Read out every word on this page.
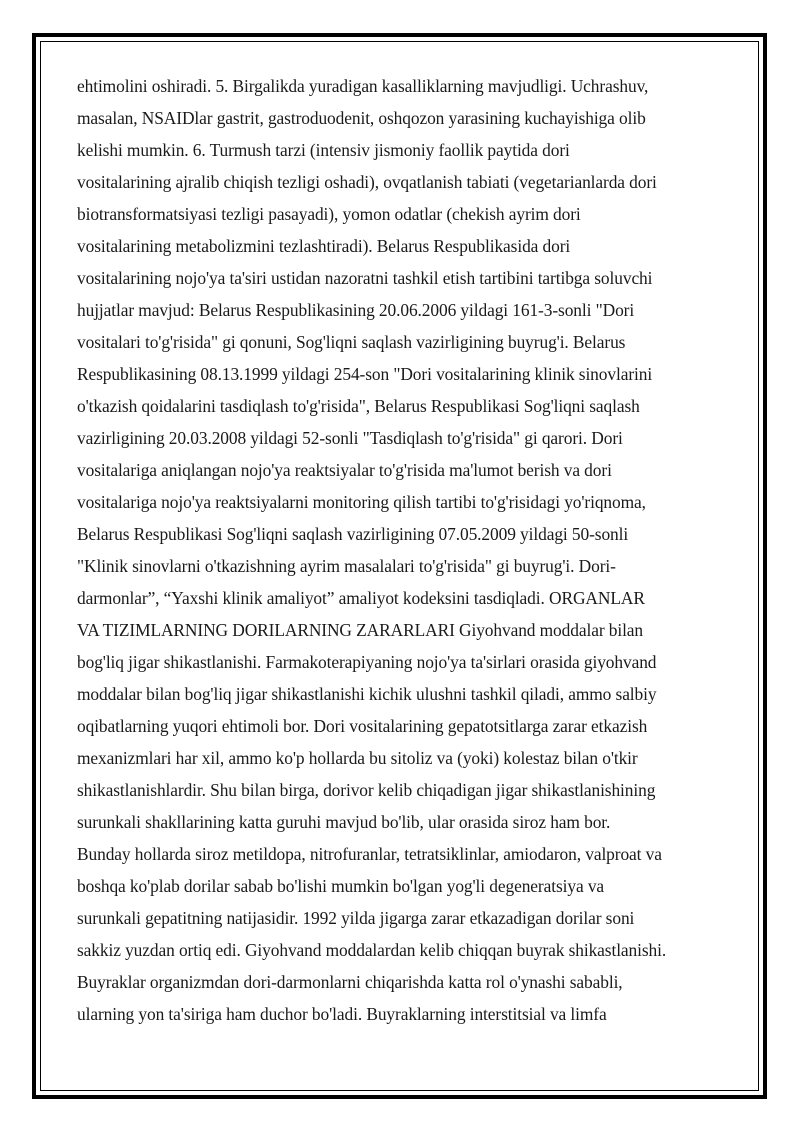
ehtimolini oshiradi. 5. Birgalikda yuradigan kasalliklarning mavjudligi. Uchrashuv,
masalan, NSAIDlar gastrit, gastroduodenit, oshqozon yarasining kuchayishiga olib
kelishi mumkin. 6. Turmush tarzi (intensiv jismoniy faollik paytida dori
vositalarining ajralib chiqish tezligi oshadi), ovqatlanish tabiati (vegetarianlarda dori
biotransformatsiyasi tezligi pasayadi), yomon odatlar (chekish ayrim dori
vositalarining metabolizmini tezlashtiradi). Belarus Respublikasida dori
vositalarining nojo'ya ta'siri ustidan nazoratni tashkil etish tartibini tartibga soluvchi
hujjatlar mavjud: Belarus Respublikasining 20.06.2006 yildagi 161-3-sonli "Dori
vositalari to'g'risida" gi qonuni, Sog'liqni saqlash vazirligining buyrug'i. Belarus
Respublikasining 08.13.1999 yildagi 254-son "Dori vositalarining klinik sinovlarini
o'tkazish qoidalarini tasdiqlash to'g'risida", Belarus Respublikasi Sog'liqni saqlash
vazirligining 20.03.2008 yildagi 52-sonli "Tasdiqlash to'g'risida" gi qarori. Dori
vositalariga aniqlangan nojo'ya reaktsiyalar to'g'risida ma'lumot berish va dori
vositalariga nojo'ya reaktsiyalarni monitoring qilish tartibi to'g'risidagi yo'riqnoma,
Belarus Respublikasi Sog'liqni saqlash vazirligining 07.05.2009 yildagi 50-sonli
"Klinik sinovlarni o'tkazishning ayrim masalalari to'g'risida" gi buyrug'i. Dori-
darmonlar”, “Yaxshi klinik amaliyot” amaliyot kodeksini tasdiqladi. ORGANLAR
VA TIZIMLARNING DORILARNING ZARARLARI Giyohvand moddalar bilan
bog'liq jigar shikastlanishi. Farmakoterapiyaning nojo'ya ta'sirlari orasida giyohvand
moddalar bilan bog'liq jigar shikastlanishi kichik ulushni tashkil qiladi, ammo salbiy
oqibatlarning yuqori ehtimoli bor. Dori vositalarining gepatotsitlarga zarar etkazish
mexanizmlari har xil, ammo ko'p hollarda bu sitoliz va (yoki) kolestaz bilan o'tkir
shikastlanishlardir. Shu bilan birga, dorivor kelib chiqadigan jigar shikastlanishining
surunkali shakllarining katta guruhi mavjud bo'lib, ular orasida siroz ham bor.
Bunday hollarda siroz metildopa, nitrofuranlar, tetratsiklinlar, amiodaron, valproat va
boshqa ko'plab dorilar sabab bo'lishi mumkin bo'lgan yog'li degeneratsiya va
surunkali gepatitning natijasidir. 1992 yilda jigarga zarar etkazadigan dorilar soni
sakkiz yuzdan ortiq edi. Giyohvand moddalardan kelib chiqqan buyrak shikastlanishi.
Buyraklar organizmdan dori-darmonlarni chiqarishda katta rol o'ynashi sababli,
ularning yon ta'siriga ham duchor bo'ladi. Buyraklarning interstitsial va limfa
